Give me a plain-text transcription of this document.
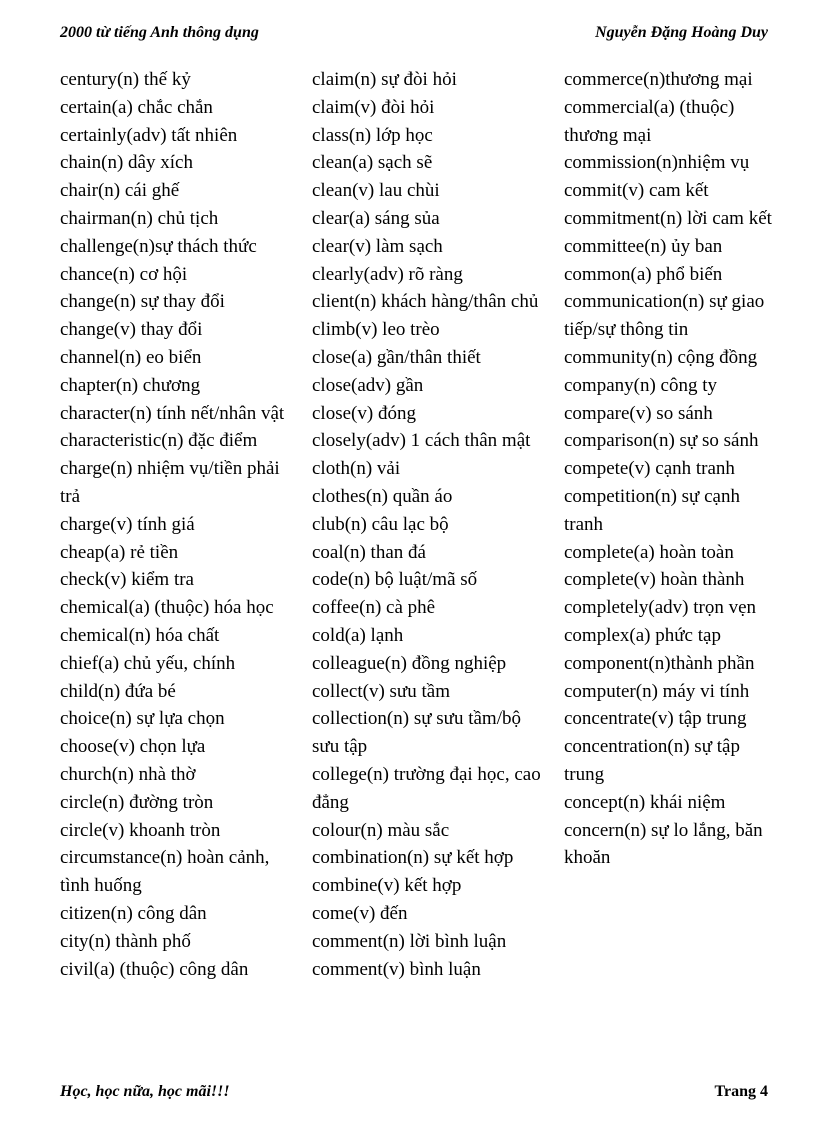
2000 từ tiếng Anh thông dụng	Nguyễn Đặng Hoàng Duy
century(n) thế kỷ
certain(a) chắc chắn
certainly(adv) tất nhiên
chain(n) dây xích
chair(n) cái ghế
chairman(n) chủ tịch
challenge(n)sự thách thức
chance(n) cơ hội
change(n) sự thay đổi
change(v) thay đổi
channel(n) eo biển
chapter(n) chương
character(n) tính nết/nhân vật
characteristic(n) đặc điểm
charge(n) nhiệm vụ/tiền phải trả
charge(v) tính giá
cheap(a) rẻ tiền
check(v) kiểm tra
chemical(a) (thuộc) hóa học
chemical(n) hóa chất
chief(a) chủ yếu, chính
child(n) đứa bé
choice(n) sự lựa chọn
choose(v) chọn lựa
church(n) nhà thờ
circle(n) đường tròn
circle(v) khoanh tròn
circumstance(n) hoàn cảnh, tình huống
citizen(n) công dân
city(n) thành phố
civil(a) (thuộc) công dân
claim(n) sự đòi hỏi
claim(v) đòi hỏi
class(n) lớp học
clean(a) sạch sẽ
clean(v) lau chùi
clear(a) sáng sủa
clear(v) làm sạch
clearly(adv) rõ ràng
client(n) khách hàng/thân chủ
climb(v) leo trèo
close(a) gần/thân thiết
close(adv) gần
close(v) đóng
closely(adv) 1 cách thân mật
cloth(n) vải
clothes(n) quần áo
club(n) câu lạc bộ
coal(n) than đá
code(n) bộ luật/mã số
coffee(n) cà phê
cold(a) lạnh
colleague(n) đồng nghiệp
collect(v) sưu tầm
collection(n) sự sưu tầm/bộ sưu tập
college(n) trường đại học, cao đẳng
colour(n) màu sắc
combination(n) sự kết hợp
combine(v) kết hợp
come(v) đến
comment(n) lời bình luận
comment(v) bình luận
commerce(n)thương mại
commercial(a) (thuộc) thương mại
commission(n)nhiệm vụ
commit(v) cam kết
commitment(n) lời cam kết
committee(n) ủy ban
common(a) phổ biến
communication(n) sự giao tiếp/sự thông tin
community(n) cộng đồng
company(n) công ty
compare(v) so sánh
comparison(n) sự so sánh
compete(v) cạnh tranh
competition(n) sự cạnh tranh
complete(a) hoàn toàn
complete(v) hoàn thành
completely(adv) trọn vẹn
complex(a) phức tạp
component(n)thành phần
computer(n) máy vi tính
concentrate(v) tập trung
concentration(n) sự tập trung
concept(n) khái niệm
concern(n) sự lo lắng, băn khoăn
Học, học nữa, học mãi!!!	Trang 4
